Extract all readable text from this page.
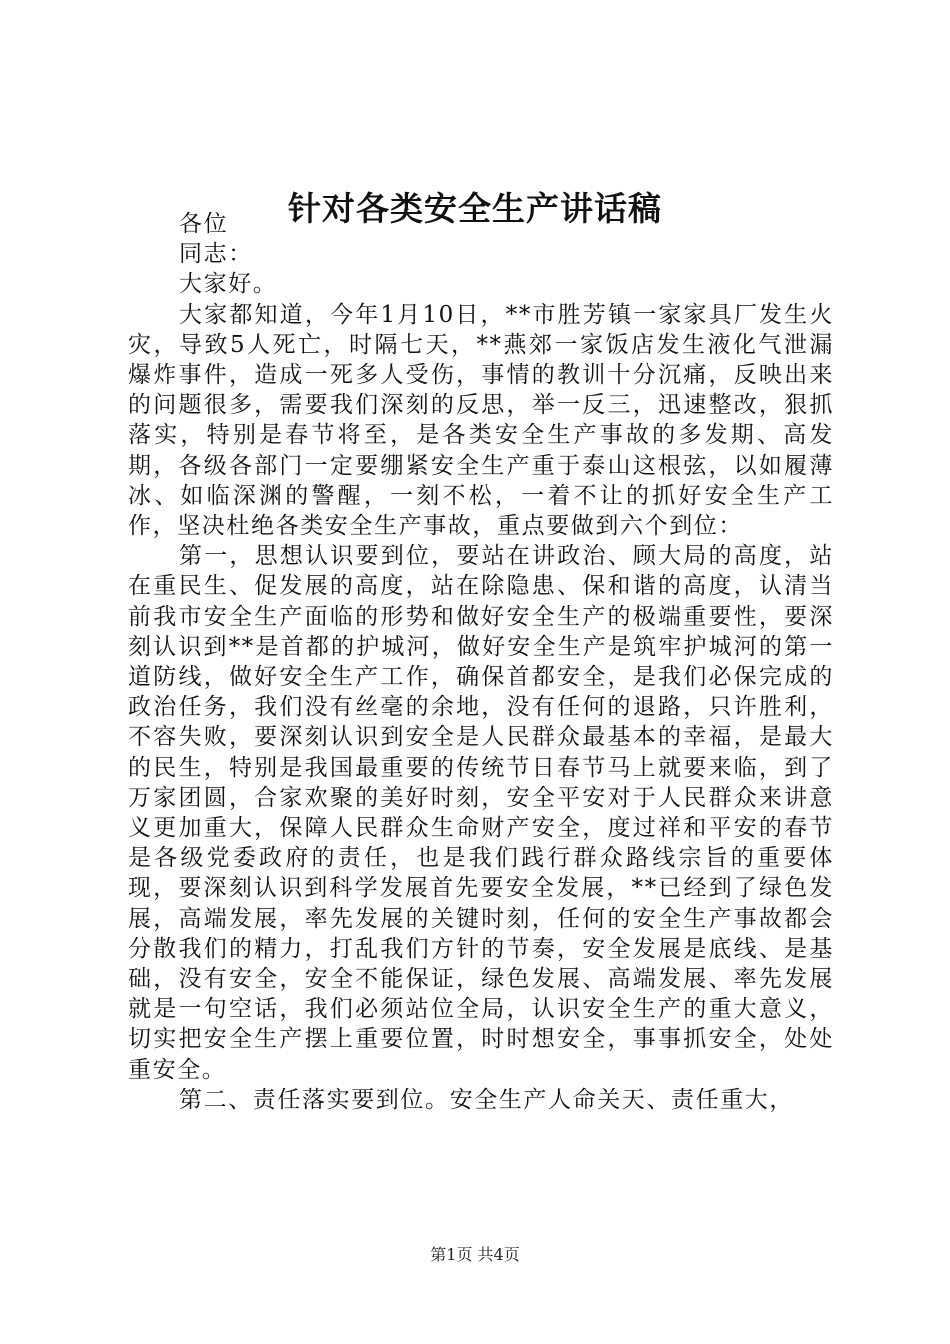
针对各类安全生产讲话稿

各位

同志：

大家好。

大家都知道，今年1月10日，**市胜芳镇一家家具厂发生火灾，导致5人死亡，时隔七天，**燕郊一家饭店发生液化气泄漏爆炸事件，造成一死多人受伤，事情的教训十分沉痛，反映出来的问题很多，需要我们深刻的反思，举一反三，迅速整改，狠抓落实，特别是春节将至，是各类安全生产事故的多发期、高发期，各级各部门一定要绷紧安全生产重于泰山这根弦，以如履薄冰、如临深渊的警醒，一刻不松，一着不让的抓好安全生产工作，坚决杜绝各类安全生产事故，重点要做到六个到位：

第一，思想认识要到位，要站在讲政治、顾大局的高度，站在重民生、促发展的高度，站在除隐患、保和谐的高度，认清当前我市安全生产面临的形势和做好安全生产的极端重要性，要深刻认识到**是首都的护城河，做好安全生产是筑牢护城河的第一道防线，做好安全生产工作，确保首都安全，是我们必保完成的政治任务，我们没有丝毫的余地，没有任何的退路，只许胜利，不容失败，要深刻认识到安全是人民群众最基本的幸福，是最大的民生，特别是我国最重要的传统节日春节马上就要来临，到了万家团圆，合家欢聚的美好时刻，安全平安对于人民群众来讲意义更加重大，保障人民群众生命财产安全，度过祥和平安的春节是各级党委政府的责任，也是我们践行群众路线宗旨的重要体现，要深刻认识到科学发展首先要安全发展，**已经到了绿色发展，高端发展，率先发展的关键时刻，任何的安全生产事故都会分散我们的精力，打乱我们方针的节奏，安全发展是底线、是基础，没有安全，安全不能保证，绿色发展、高端发展、率先发展就是一句空话，我们必须站位全局，认识安全生产的重大意义，切实把安全生产摆上重要位置，时时想安全，事事抓安全，处处重安全。

第二、责任落实要到位。安全生产人命关天、责任重大，

第1页 共4页
